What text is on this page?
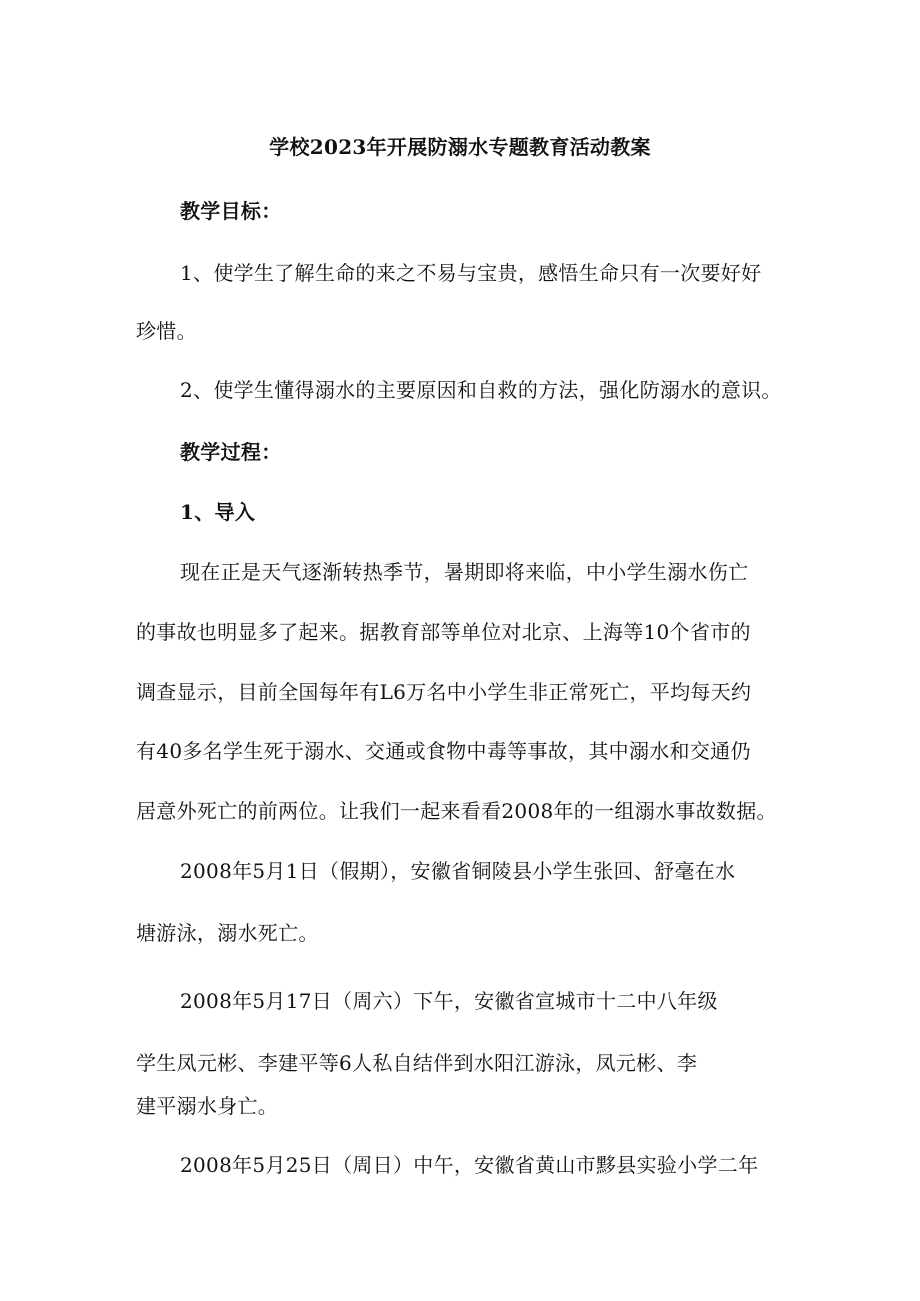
学校2023年开展防溺水专题教育活动教案
教学目标：
1、使学生了解生命的来之不易与宝贵，感悟生命只有一次要好好
珍惜。
2、使学生懂得溺水的主要原因和自救的方法，强化防溺水的意识。
教学过程：
1、导入
现在正是天气逐渐转热季节，暑期即将来临，中小学生溺水伤亡
的事故也明显多了起来。据教育部等单位对北京、上海等10个省市的
调查显示，目前全国每年有L6万名中小学生非正常死亡，平均每天约
有40多名学生死于溺水、交通或食物中毒等事故，其中溺水和交通仍
居意外死亡的前两位。让我们一起来看看2008年的一组溺水事故数据。
2008年5月1日（假期），安徽省铜陵县小学生张回、舒毫在水
塘游泳，溺水死亡。
2008年5月17日（周六）下午，安徽省宣城市十二中八年级
学生凤元彬、李建平等6人私自结伴到水阳江游泳，凤元彬、李
建平溺水身亡。
2008年5月25日（周日）中午，安徽省黄山市黟县实验小学二年
